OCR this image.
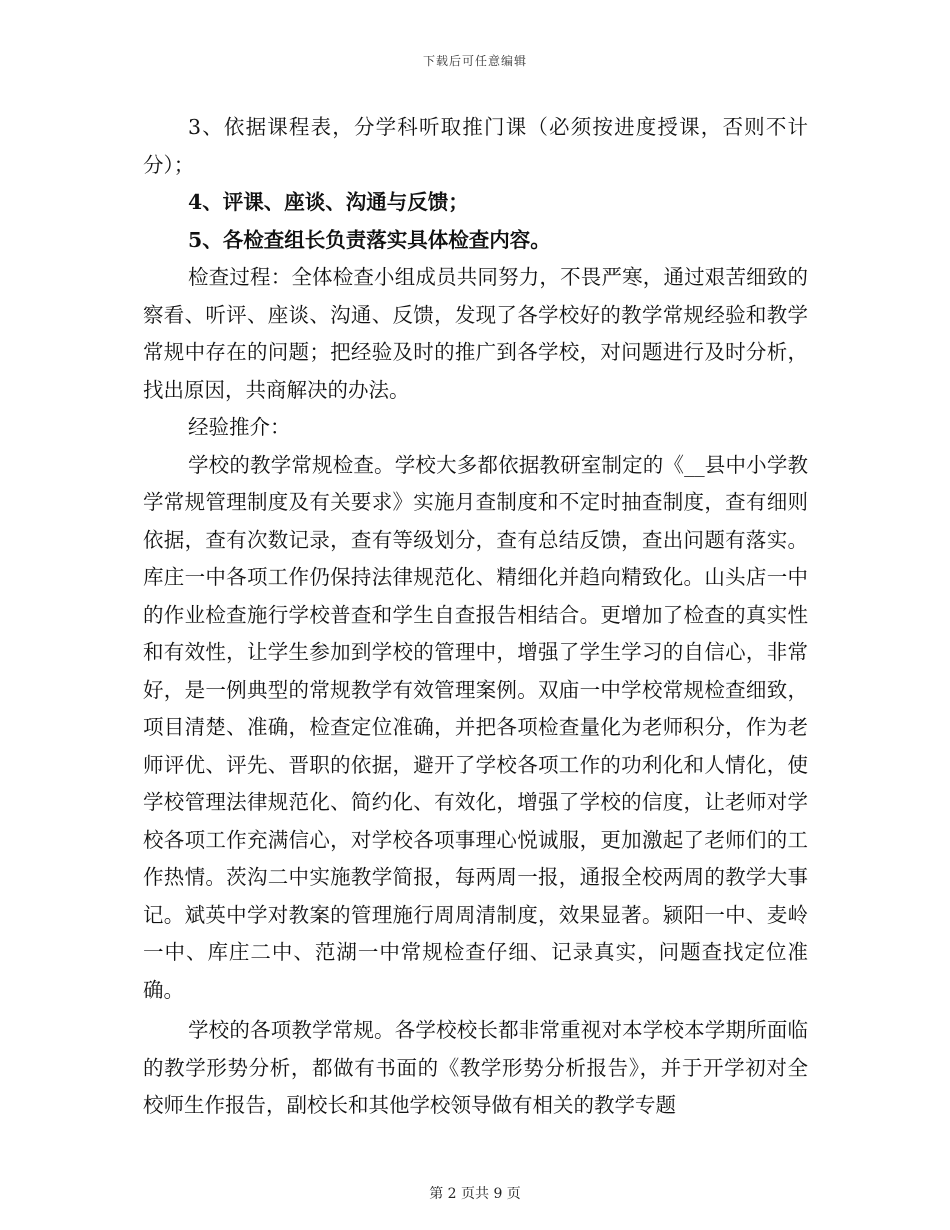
下载后可任意编辑

3、依据课程表，分学科听取推门课（必须按进度授课，否则不计分）；

4、评课、座谈、沟通与反馈；

5、各检查组长负责落实具体检查内容。

检查过程：全体检查小组成员共同努力，不畏严寒，通过艰苦细致的察看、听评、座谈、沟通、反馈，发现了各学校好的教学常规经验和教学常规中存在的问题；把经验及时的推广到各学校，对问题进行及时分析，找出原因，共商解决的办法。

经验推介：

学校的教学常规检查。学校大多都依据教研室制定的《__县中小学教学常规管理制度及有关要求》实施月查制度和不定时抽查制度，查有细则依据，查有次数记录，查有等级划分，查有总结反馈，查出问题有落实。库庄一中各项工作仍保持法律规范化、精细化并趋向精致化。山头店一中的作业检查施行学校普查和学生自查报告相结合。更增加了检查的真实性和有效性，让学生参加到学校的管理中，增强了学生学习的自信心，非常好，是一例典型的常规教学有效管理案例。双庙一中学校常规检查细致，项目清楚、准确，检查定位准确，并把各项检查量化为老师积分，作为老师评优、评先、晋职的依据，避开了学校各项工作的功利化和人情化，使学校管理法律规范化、简约化、有效化，增强了学校的信度，让老师对学校各项工作充满信心，对学校各项事理心悦诚服，更加激起了老师们的工作热情。茨沟二中实施教学简报，每两周一报，通报全校两周的教学大事记。斌英中学对教案的管理施行周周清制度，效果显著。颍阳一中、麦岭一中、库庄二中、范湖一中常规检查仔细、记录真实，问题查找定位准确。

学校的各项教学常规。各学校校长都非常重视对本学校本学期所面临的教学形势分析，都做有书面的《教学形势分析报告》，并于开学初对全校师生作报告，副校长和其他学校领导做有相关的教学专题

第 2 页共 9 页
